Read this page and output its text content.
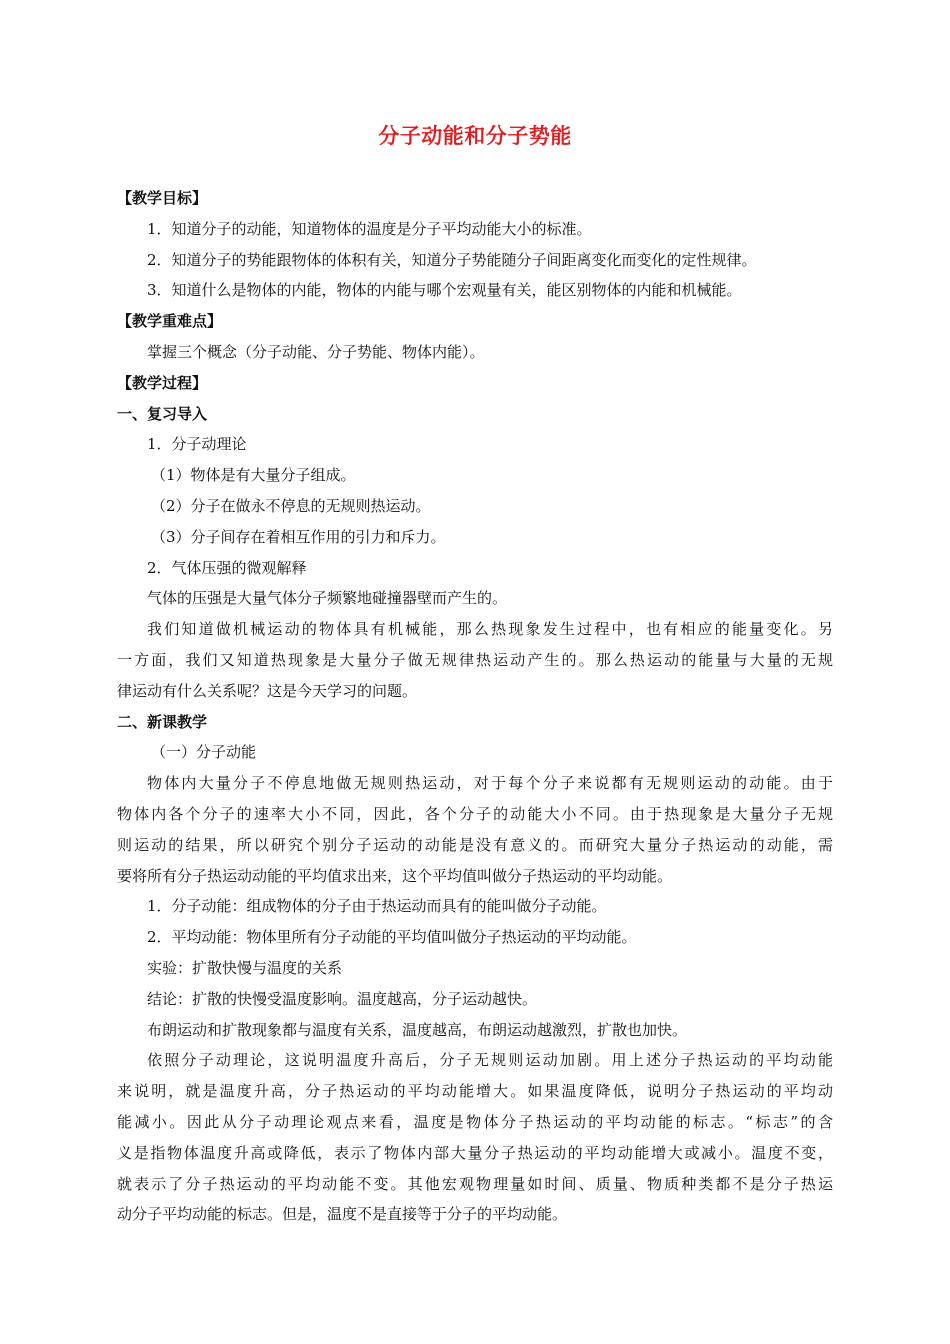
分子动能和分子势能
【教学目标】
1．知道分子的动能，知道物体的温度是分子平均动能大小的标准。
2．知道分子的势能跟物体的体积有关，知道分子势能随分子间距离变化而变化的定性规律。
3．知道什么是物体的内能，物体的内能与哪个宏观量有关，能区别物体的内能和机械能。
【教学重难点】
掌握三个概念（分子动能、分子势能、物体内能）。
【教学过程】
一、复习导入
1．分子动理论
（1）物体是有大量分子组成。
（2）分子在做永不停息的无规则热运动。
（3）分子间存在着相互作用的引力和斥力。
2．气体压强的微观解释
气体的压强是大量气体分子频繁地碰撞器壁而产生的。
我们知道做机械运动的物体具有机械能，那么热现象发生过程中，也有相应的能量变化。另
一方面，我们又知道热现象是大量分子做无规律热运动产生的。那么热运动的能量与大量的无规
律运动有什么关系呢？这是今天学习的问题。
二、新课教学
（一）分子动能
物体内大量分子不停息地做无规则热运动，对于每个分子来说都有无规则运动的动能。由于
物体内各个分子的速率大小不同，因此，各个分子的动能大小不同。由于热现象是大量分子无规
则运动的结果，所以研究个别分子运动的动能是没有意义的。而研究大量分子热运动的动能，需
要将所有分子热运动动能的平均值求出来，这个平均值叫做分子热运动的平均动能。
1．分子动能：组成物体的分子由于热运动而具有的能叫做分子动能。
2．平均动能：物体里所有分子动能的平均值叫做分子热运动的平均动能。
实验：扩散快慢与温度的关系
结论：扩散的快慢受温度影响。温度越高，分子运动越快。
布朗运动和扩散现象都与温度有关系，温度越高，布朗运动越激烈，扩散也加快。
依照分子动理论，这说明温度升高后，分子无规则运动加剧。用上述分子热运动的平均动能
来说明，就是温度升高，分子热运动的平均动能增大。如果温度降低，说明分子热运动的平均动
能减小。因此从分子动理论观点来看，温度是物体分子热运动的平均动能的标志。“标志”的含
义是指物体温度升高或降低，表示了物体内部大量分子热运动的平均动能增大或减小。温度不变，
就表示了分子热运动的平均动能不变。其他宏观物理量如时间、质量、物质种类都不是分子热运
动分子平均动能的标志。但是，温度不是直接等于分子的平均动能。
